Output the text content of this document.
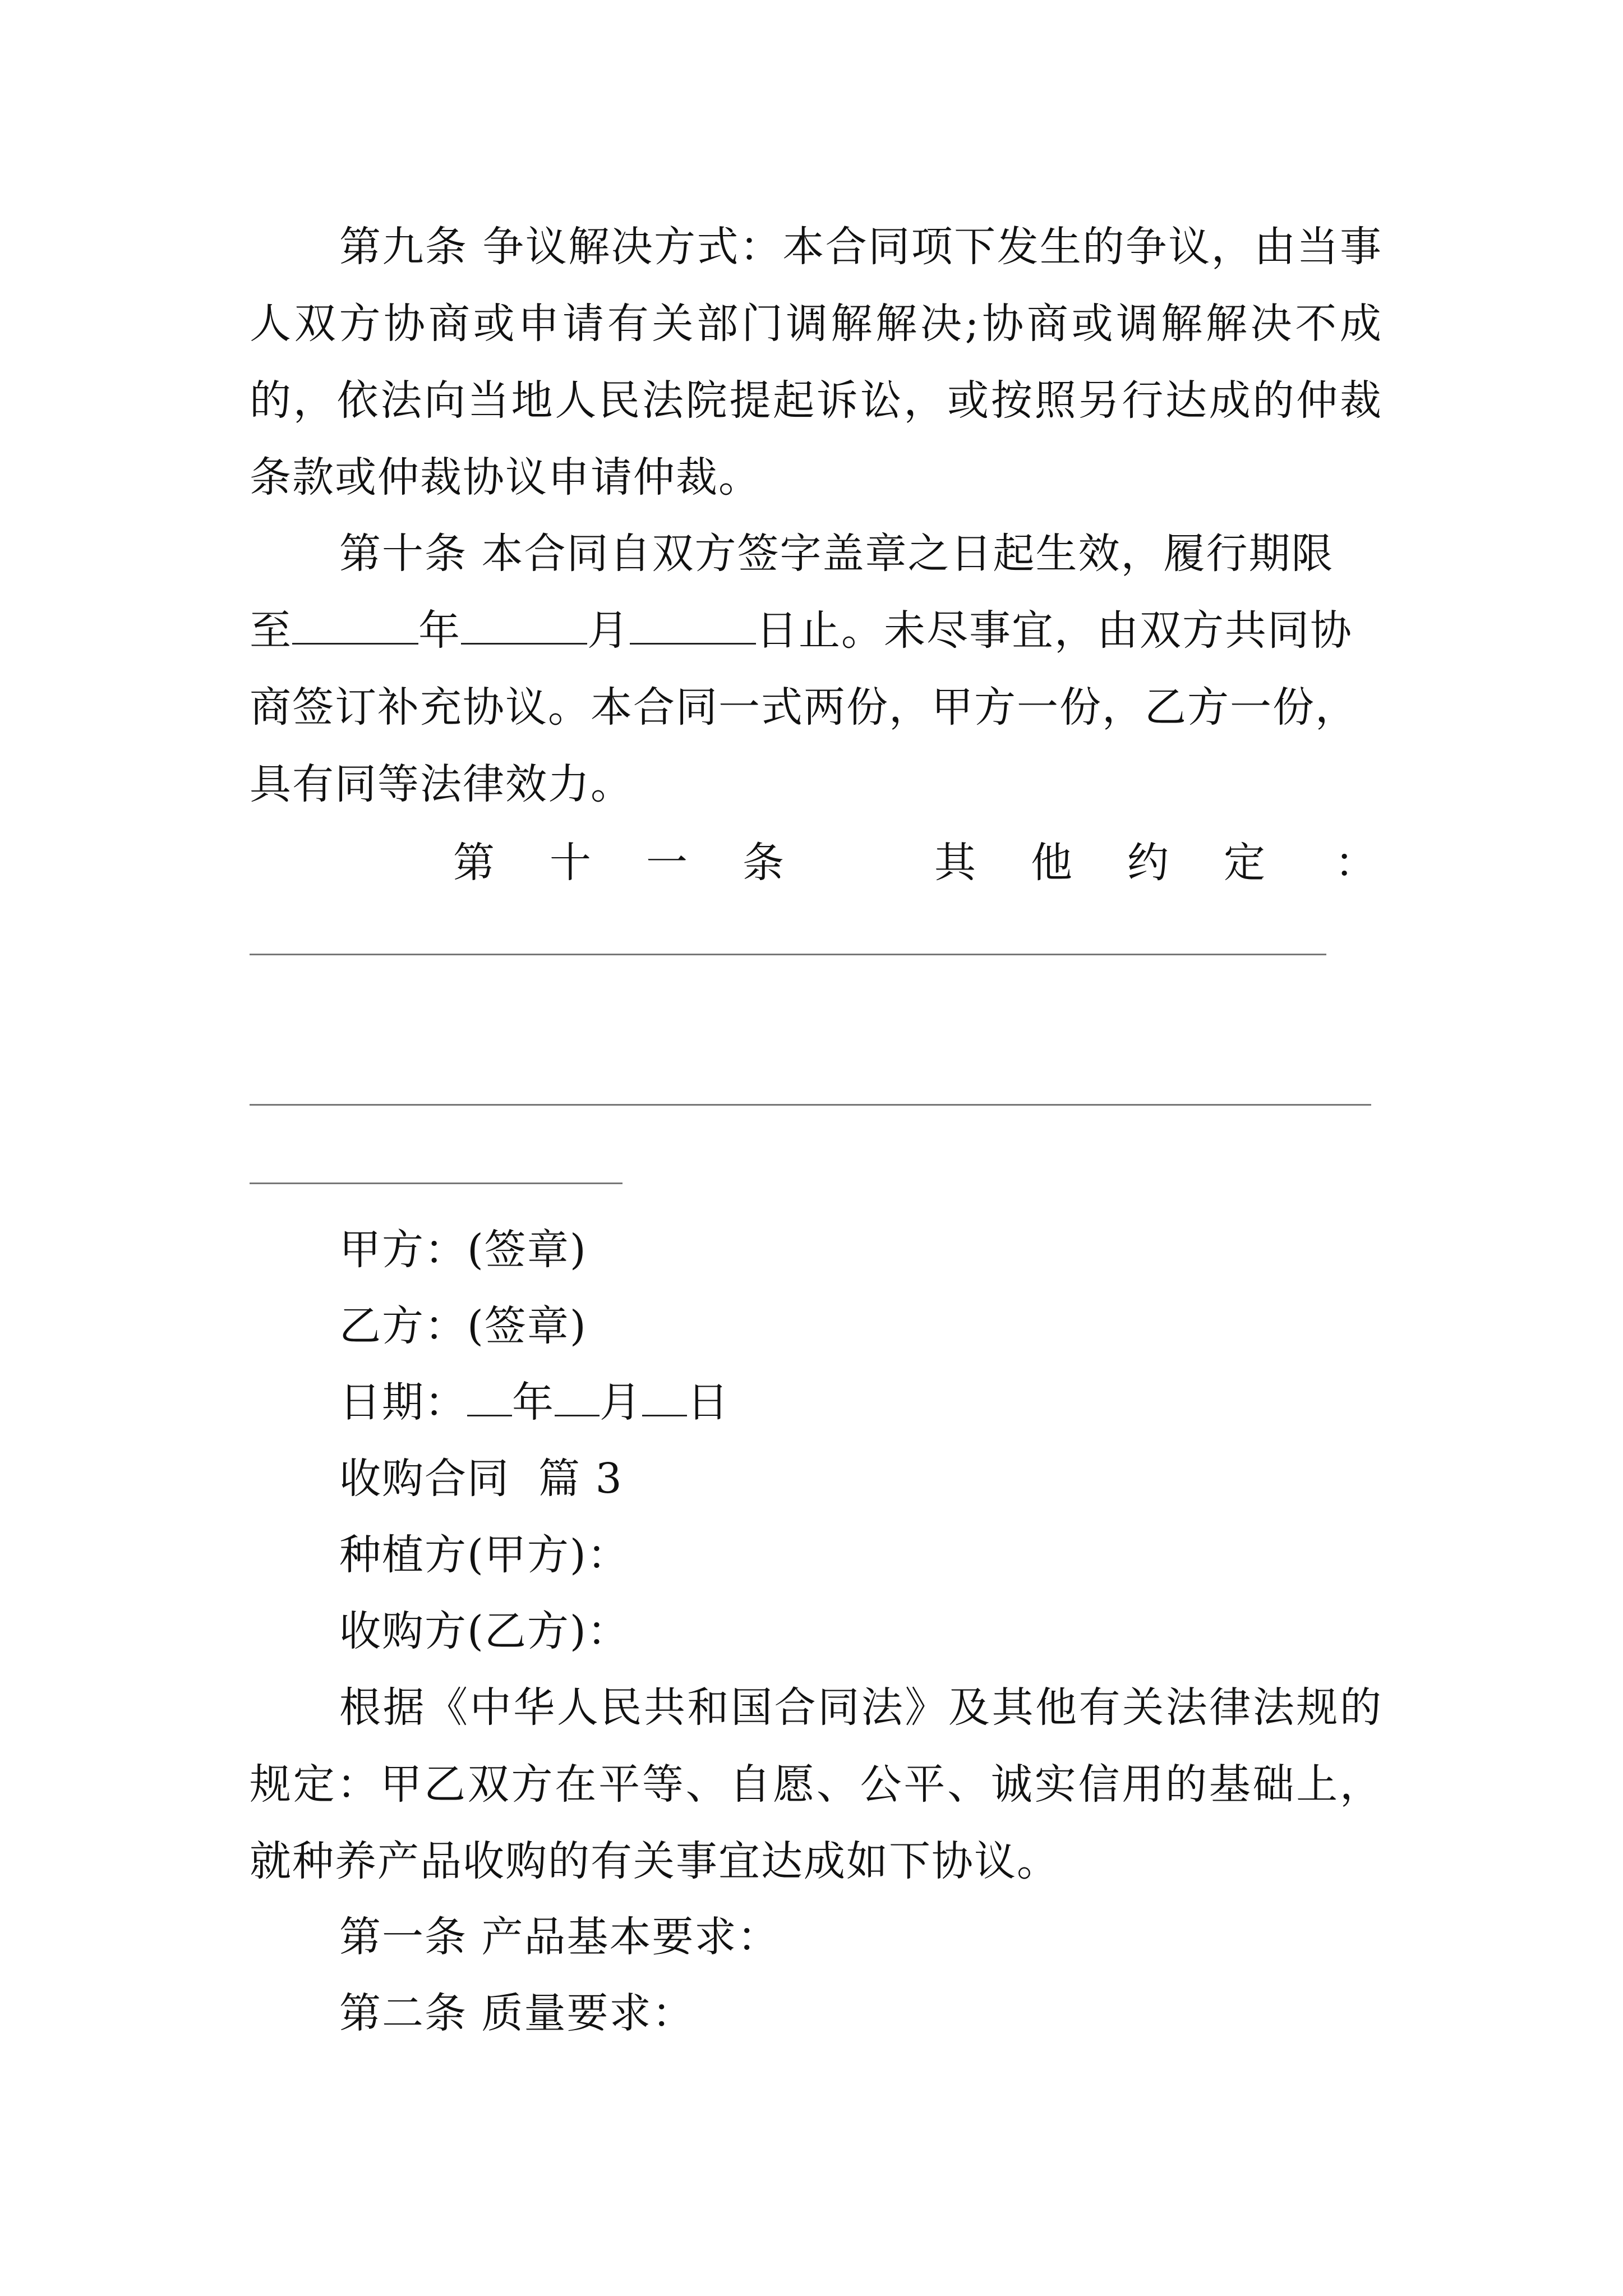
第九条 争议解决方式：本合同项下发生的争议，由当事人双方协商或申请有关部门调解解决;协商或调解解决不成的，依法向当地人民法院提起诉讼，或按照另行达成的仲裁条款或仲裁协议申请仲裁。

第十条 本合同自双方签字盖章之日起生效，履行期限
至	年	月	日止。未尽事宜，由双方共同协
商签订补充协议。本合同一式两份，甲方一份，乙方一份，
具有同等法律效力。
第 十 一 条	其 他 约 定 ：
甲方：(签章)
乙方：(签章)
日期： 年 月 日
收购合同  篇 3
种植方(甲方)：
收购方(乙方)：

根据《中华人民共和国合同法》及其他有关法律法规的规定：甲乙双方在平等、自愿、公平、诚实信用的基础上，就种养产品收购的有关事宜达成如下协议。

第一条 产品基本要求：
第二条 质量要求：
